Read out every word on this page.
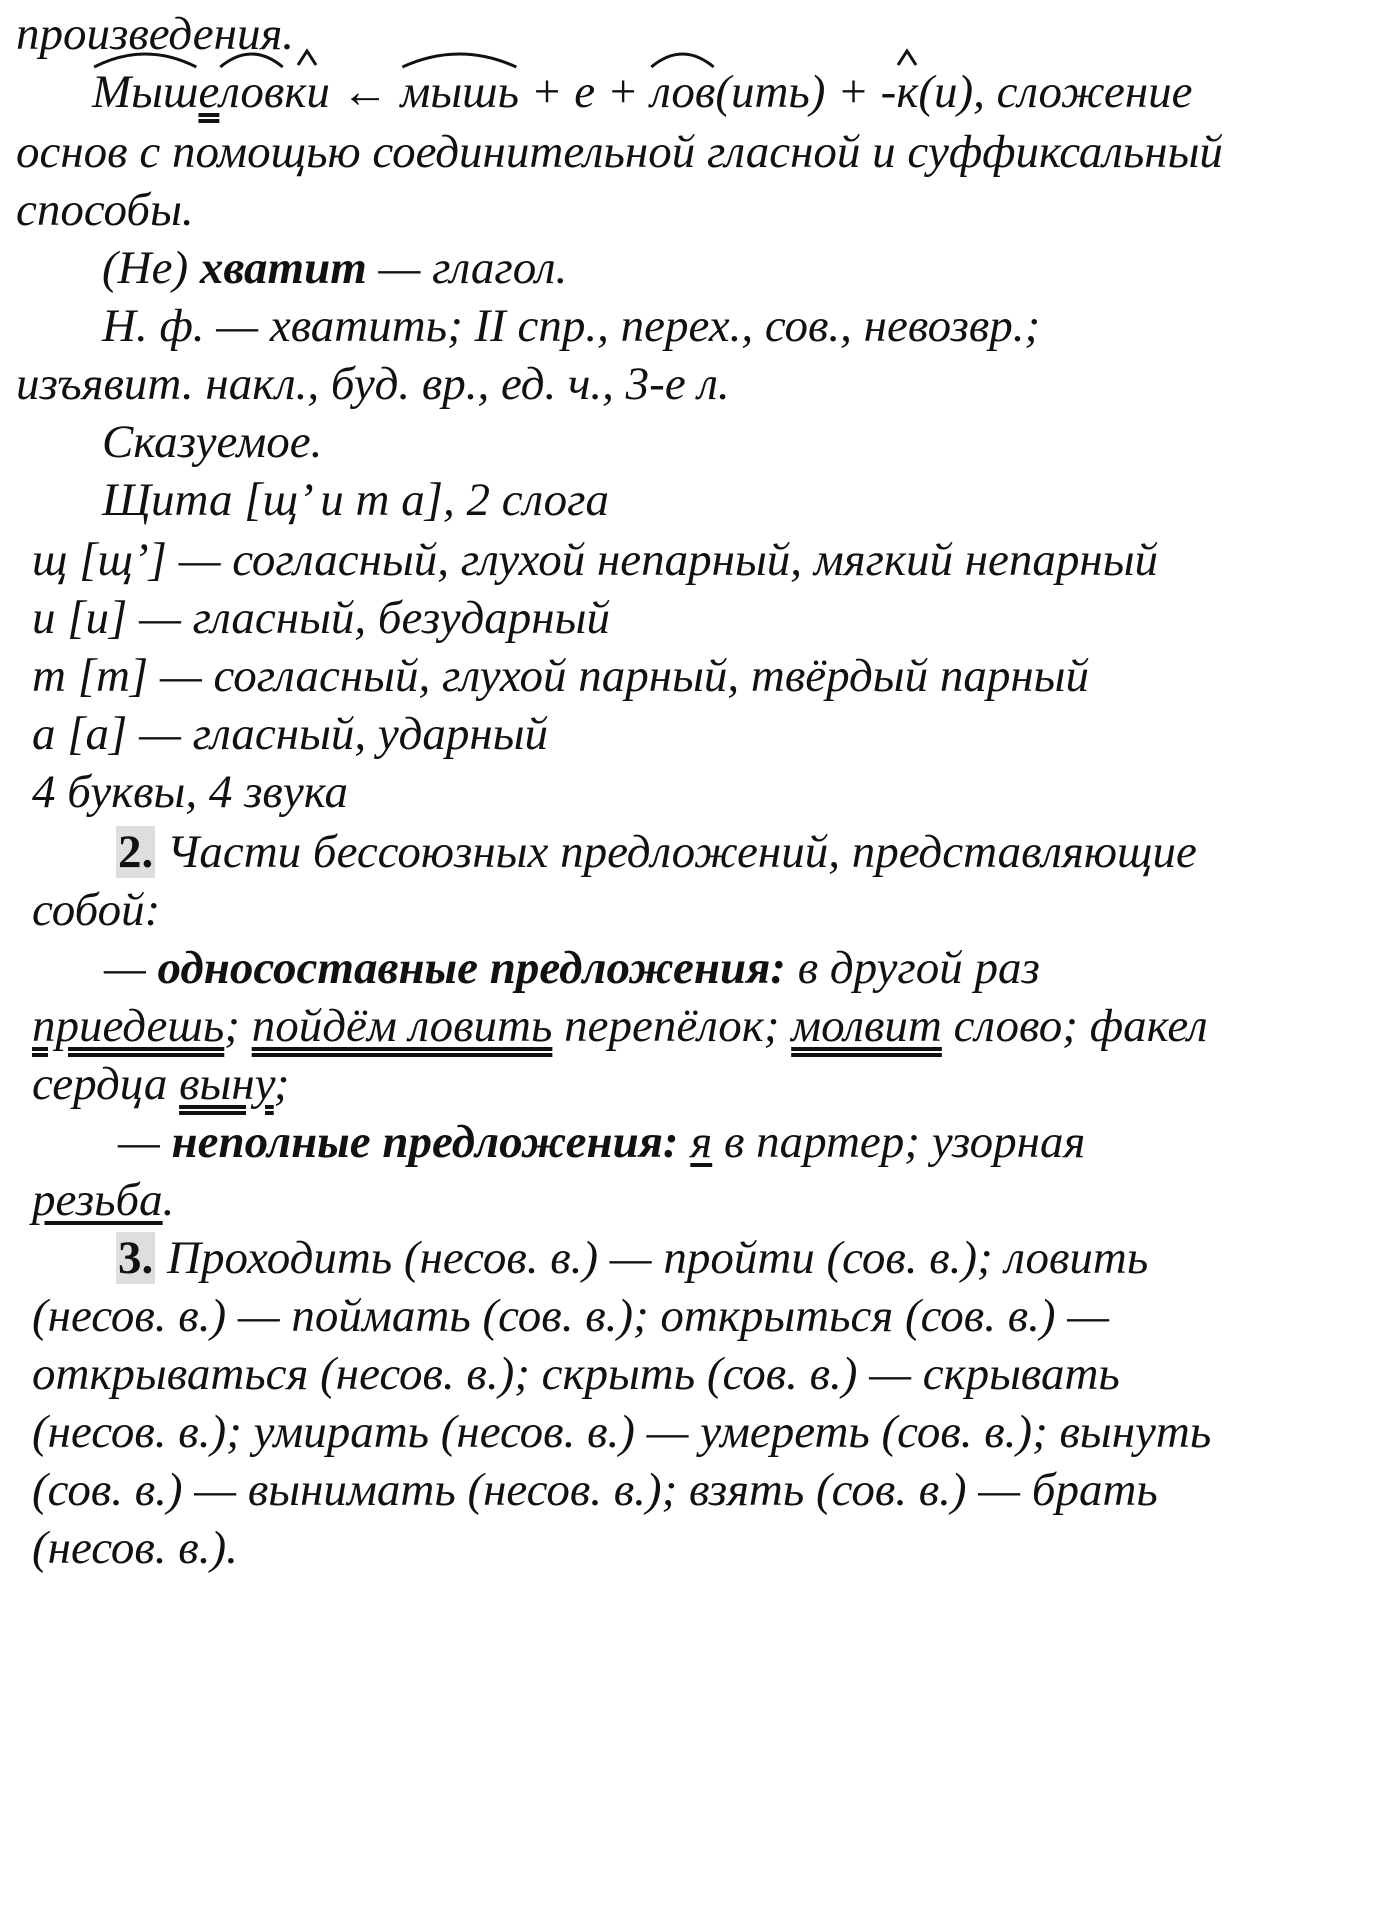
произведения.
Мыш
елов
ки
← мышь
+ е + лов
(ить) + -к
(и), сложение
основ с помощью соединительной гласной и суффиксальный
способы.
(Не) хватит — глагол.
Н. ф. — хватить; II спр., перех., сов., невозвр.;
изъявит. накл., буд. вр., ед. ч., 3-е л.
Сказуемое.
Щита [щ’ и т а], 2 слога
щ [щ’] — согласный, глухой непарный, мягкий непарный
и [и] — гласный, безударный
т [т] — согласный, глухой парный, твёрдый парный
а [а] — гласный, ударный
4 буквы, 4 звука
2. Части бессоюзных предложений, представляющие
собой:
— односоставные предложения: в другой раз
приедешь; пойдём ловить перепёлок; молвит слово; факел
сердца выну;
— неполные предложения: я в партер; узорная
резьба.
3. Проходить (несов. в.) — пройти (сов. в.); ловить
(несов. в.) — поймать (сов. в.); открыться (сов. в.) —
открываться (несов. в.); скрыть (сов. в.) — скрывать
(несов. в.); умирать (несов. в.) — умереть (сов. в.); вынуть
(сов. в.) — вынимать (несов. в.); взять (сов. в.) — брать
(несов. в.).
